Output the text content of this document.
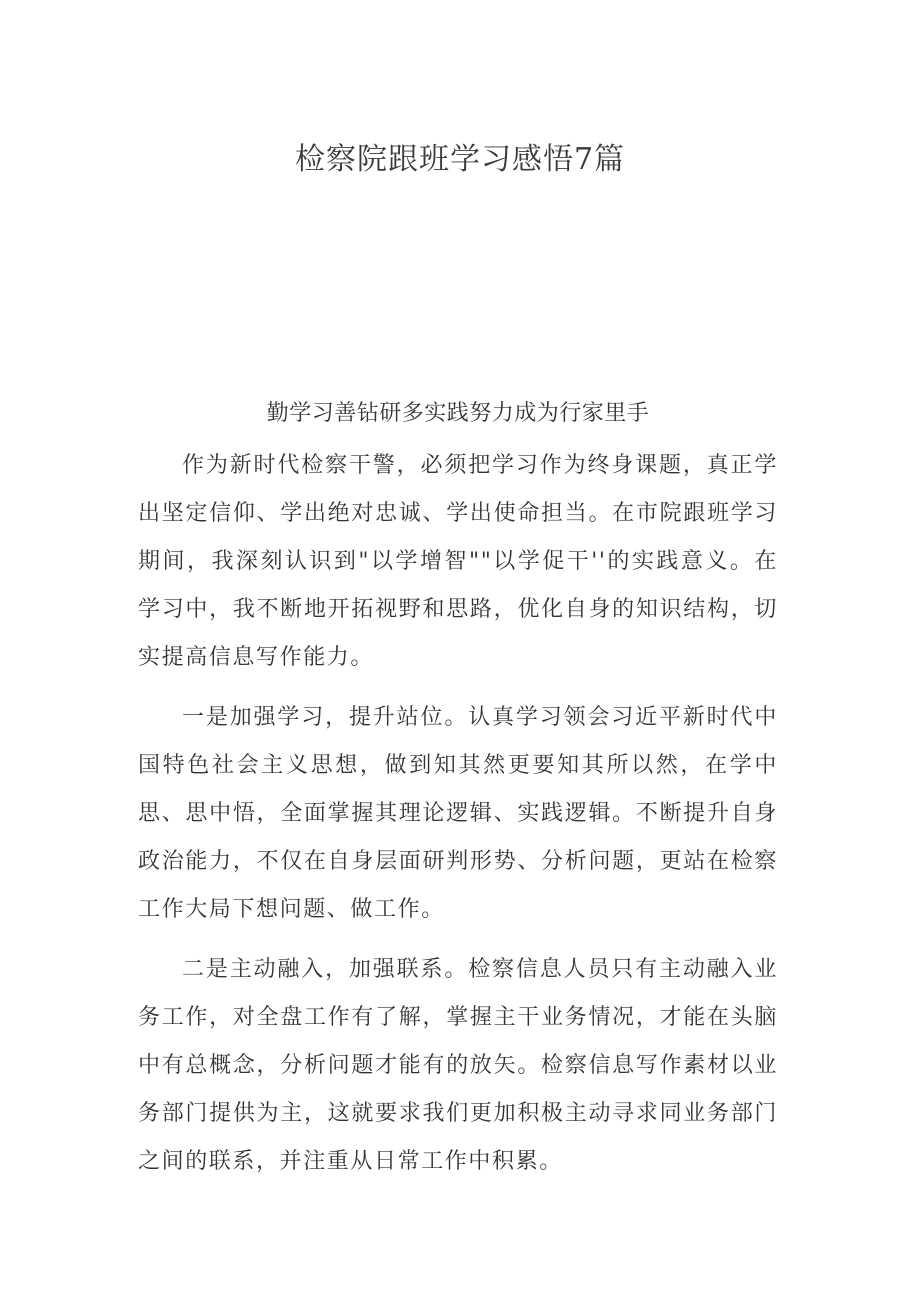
检察院跟班学习感悟7篇
勤学习善钻研多实践努力成为行家里手

作为新时代检察干警，必须把学习作为终身课题，真正学出坚定信仰、学出绝对忠诚、学出使命担当。在市院跟班学习期间，我深刻认识到"以学增智""以学促干''的实践意义。在学习中，我不断地开拓视野和思路，优化自身的知识结构，切实提高信息写作能力。

一是加强学习，提升站位。认真学习领会习近平新时代中国特色社会主义思想，做到知其然更要知其所以然，在学中思、思中悟，全面掌握其理论逻辑、实践逻辑。不断提升自身政治能力，不仅在自身层面研判形势、分析问题，更站在检察工作大局下想问题、做工作。

二是主动融入，加强联系。检察信息人员只有主动融入业务工作，对全盘工作有了解，掌握主干业务情况，才能在头脑中有总概念，分析问题才能有的放矢。检察信息写作素材以业务部门提供为主，这就要求我们更加积极主动寻求同业务部门之间的联系，并注重从日常工作中积累。
